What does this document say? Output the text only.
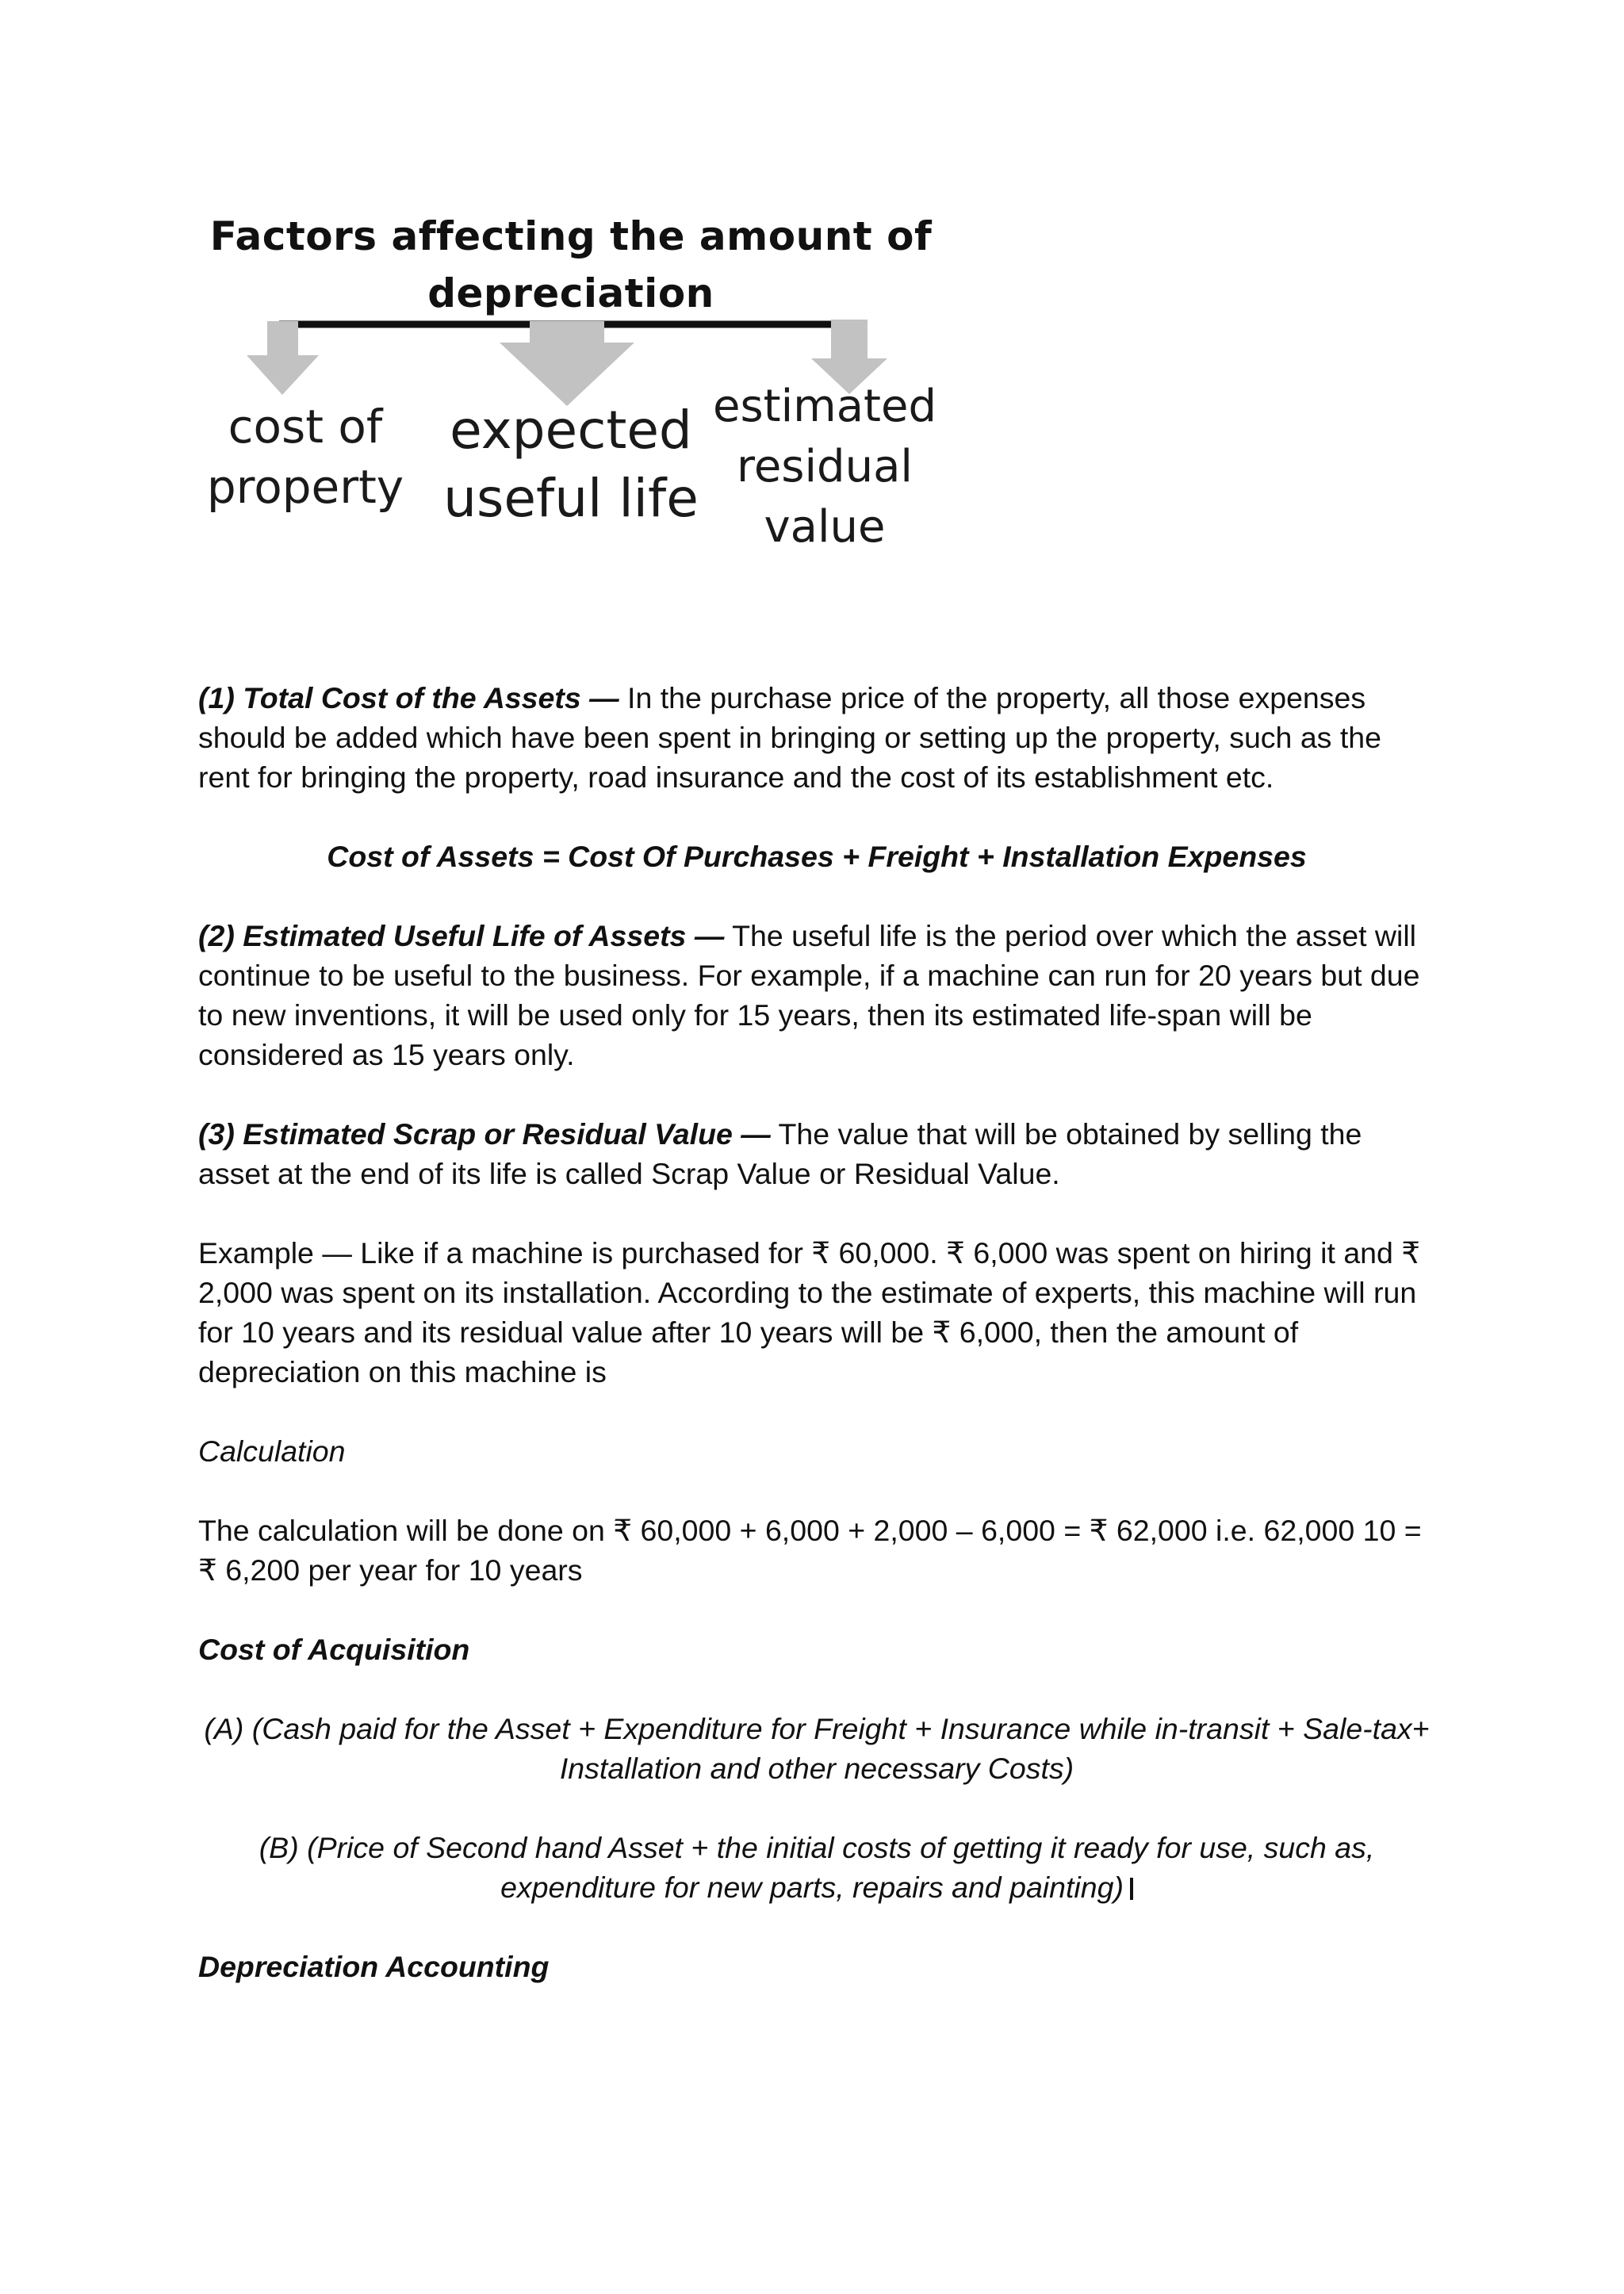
Factors affecting the amount of depreciation
cost of
property
expected
useful life
estimated
residual
value

(1) Total Cost of the Assets — In the purchase price of the property, all those expenses should be added which have been spent in bringing or setting up the property, such as the rent for bringing the property, road insurance and the cost of its establishment etc.

Cost of Assets = Cost Of Purchases + Freight + Installation Expenses

(2) Estimated Useful Life of Assets — The useful life is the period over which the asset will continue to be useful to the business. For example, if a machine can run for 20 years but due to new inventions, it will be used only for 15 years, then its estimated life-span will be considered as 15 years only.

(3) Estimated Scrap or Residual Value — The value that will be obtained by selling the asset at the end of its life is called Scrap Value or Residual Value.

Example — Like if a machine is purchased for ₹ 60,000. ₹ 6,000 was spent on hiring it and ₹ 2,000 was spent on its installation. According to the estimate of experts, this machine will run for 10 years and its residual value after 10 years will be ₹ 6,000, then the amount of depreciation on this machine is

Calculation

The calculation will be done on ₹ 60,000 + 6,000 + 2,000 – 6,000 = ₹ 62,000 i.e. 62,000 10 = ₹ 6,200 per year for 10 years

Cost of Acquisition

(A) (Cash paid for the Asset + Expenditure for Freight + Insurance while in-transit + Sale-tax+ Installation and other necessary Costs)

(B) (Price of Second hand Asset + the initial costs of getting it ready for use, such as, expenditure for new parts, repairs and painting)

Depreciation Accounting
